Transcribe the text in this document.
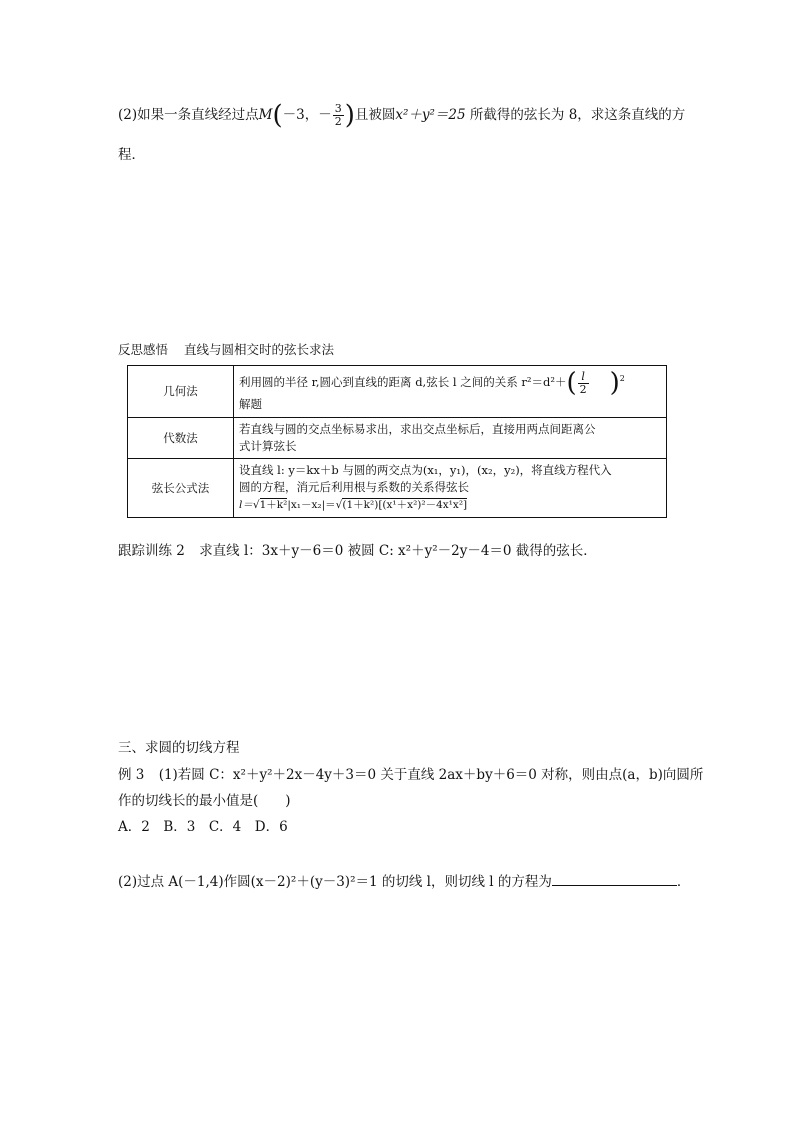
(2)如果一条直线经过点M(－3，－ $\frac{3}{2}$ )且被圆x²＋y²＝25 所截得的弦长为 8，求这条直线的方
程．
反思感悟 直线与圆相交时的弦长求法
几何法	利用圆的半径 r,圆心到直线的距离 d,弦长 l 之间的关系 $r^2=d^2+( \frac{l}{2} )^2$
解题
代数法	若直线与圆的交点坐标易求出，求出交点坐标后，直接用两点间距离公
式计算弦长
弦长公式法	设直线 l: y＝kx＋b 与圆的两交点为(x₁，y₁)，(x₂，y₂)，将直线方程代入
圆的方程，消元后利用根与系数的关系得弦长
l＝√1＋k²|x₁－x₂|＝√(1＋k²)[(x¹＋x²)²－4x¹x²]
跟踪训练 2 求直线 l：3x＋y－6＝0 被圆 C: x²＋y²－2y－4＝0 截得的弦长．
三、求圆的切线方程
例 3 (1)若圆 C：x²＋y²＋2x－4y＋3＝0 关于直线 2ax＋by＋6＝0 对称，则由点(a，b)向圆所
作的切线长的最小值是(　　)
A．2　B．3　C．4　D．6
(2)过点 A(－1,4)作圆(x－2)²＋(y－3)²＝1 的切线 l，则切线 l 的方程为	．
